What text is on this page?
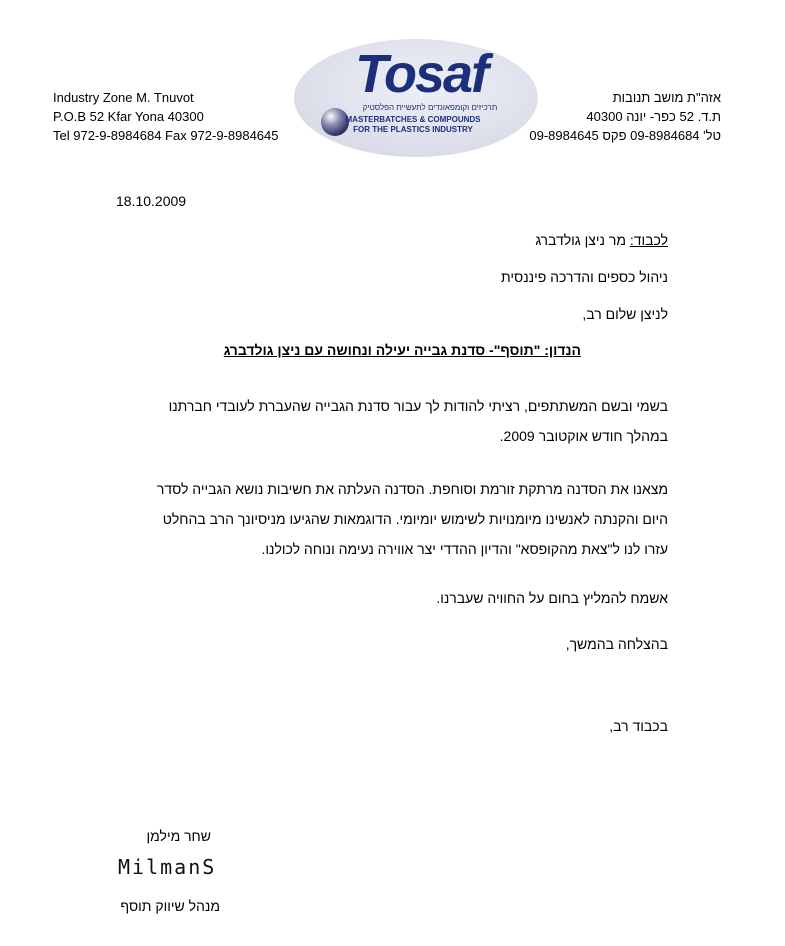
Industry Zone M. Tnuvot
P.O.B 52 Kfar Yona 40300
Tel 972-9-8984684 Fax 972-9-8984645
Tosaf
תרכיזים וקומפאונדים לתעשיית הפלסטיק
MASTERBATCHES & COMPOUNDS
FOR THE PLASTICS INDUSTRY
אזה"ת מושב תנובות
ת.ד. 52 כפר- יונה 40300
טל' 09-8984684 פקס 09-8984645
18.10.2009
לכבוד: מר ניצן גולדברג
ניהול כספים והדרכה פיננסית
לניצן שלום רב,
הנדון: "תוסף"- סדנת גבייה יעילה ונחושה עם ניצן גולדברג
בשמי ובשם המשתתפים, רציתי להודות לך עבור סדנת הגבייה שהעברת לעובדי חברתנו
במהלך חודש אוקטובר 2009.
מצאנו את הסדנה מרתקת זורמת וסוחפת. הסדנה העלתה את חשיבות נושא הגבייה לסדר
היום והקנתה לאנשינו מיומנויות לשימוש יומיומי. הדוגמאות שהגיעו מניסיונך הרב בהחלט
עזרו לנו ל"צאת מהקופסא" והדיון ההדדי יצר אווירה נעימה ונוחה לכולנו.
אשמח להמליץ בחום על החוויה שעברנו.
בהצלחה בהמשך,
בכבוד רב,
שחר מילמן
MilmanS
מנהל שיווק תוסף
